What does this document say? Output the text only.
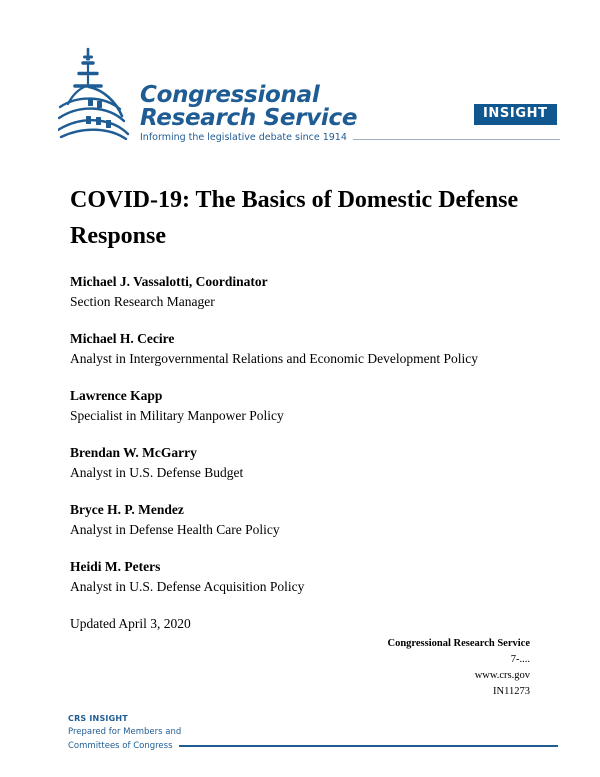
Congressional
Research Service
Informing the legislative debate since 1914
INSIGHT
COVID-19: The Basics of Domestic Defense Response
Michael J. Vassalotti, Coordinator
Section Research Manager
Michael H. Cecire
Analyst in Intergovernmental Relations and Economic Development Policy
Lawrence Kapp
Specialist in Military Manpower Policy
Brendan W. McGarry
Analyst in U.S. Defense Budget
Bryce H. P. Mendez
Analyst in Defense Health Care Policy
Heidi M. Peters
Analyst in U.S. Defense Acquisition Policy
Updated April 3, 2020
Congressional Research Service
7-....
www.crs.gov
IN11273
CRS INSIGHT
Prepared for Members and
Committees of Congress
